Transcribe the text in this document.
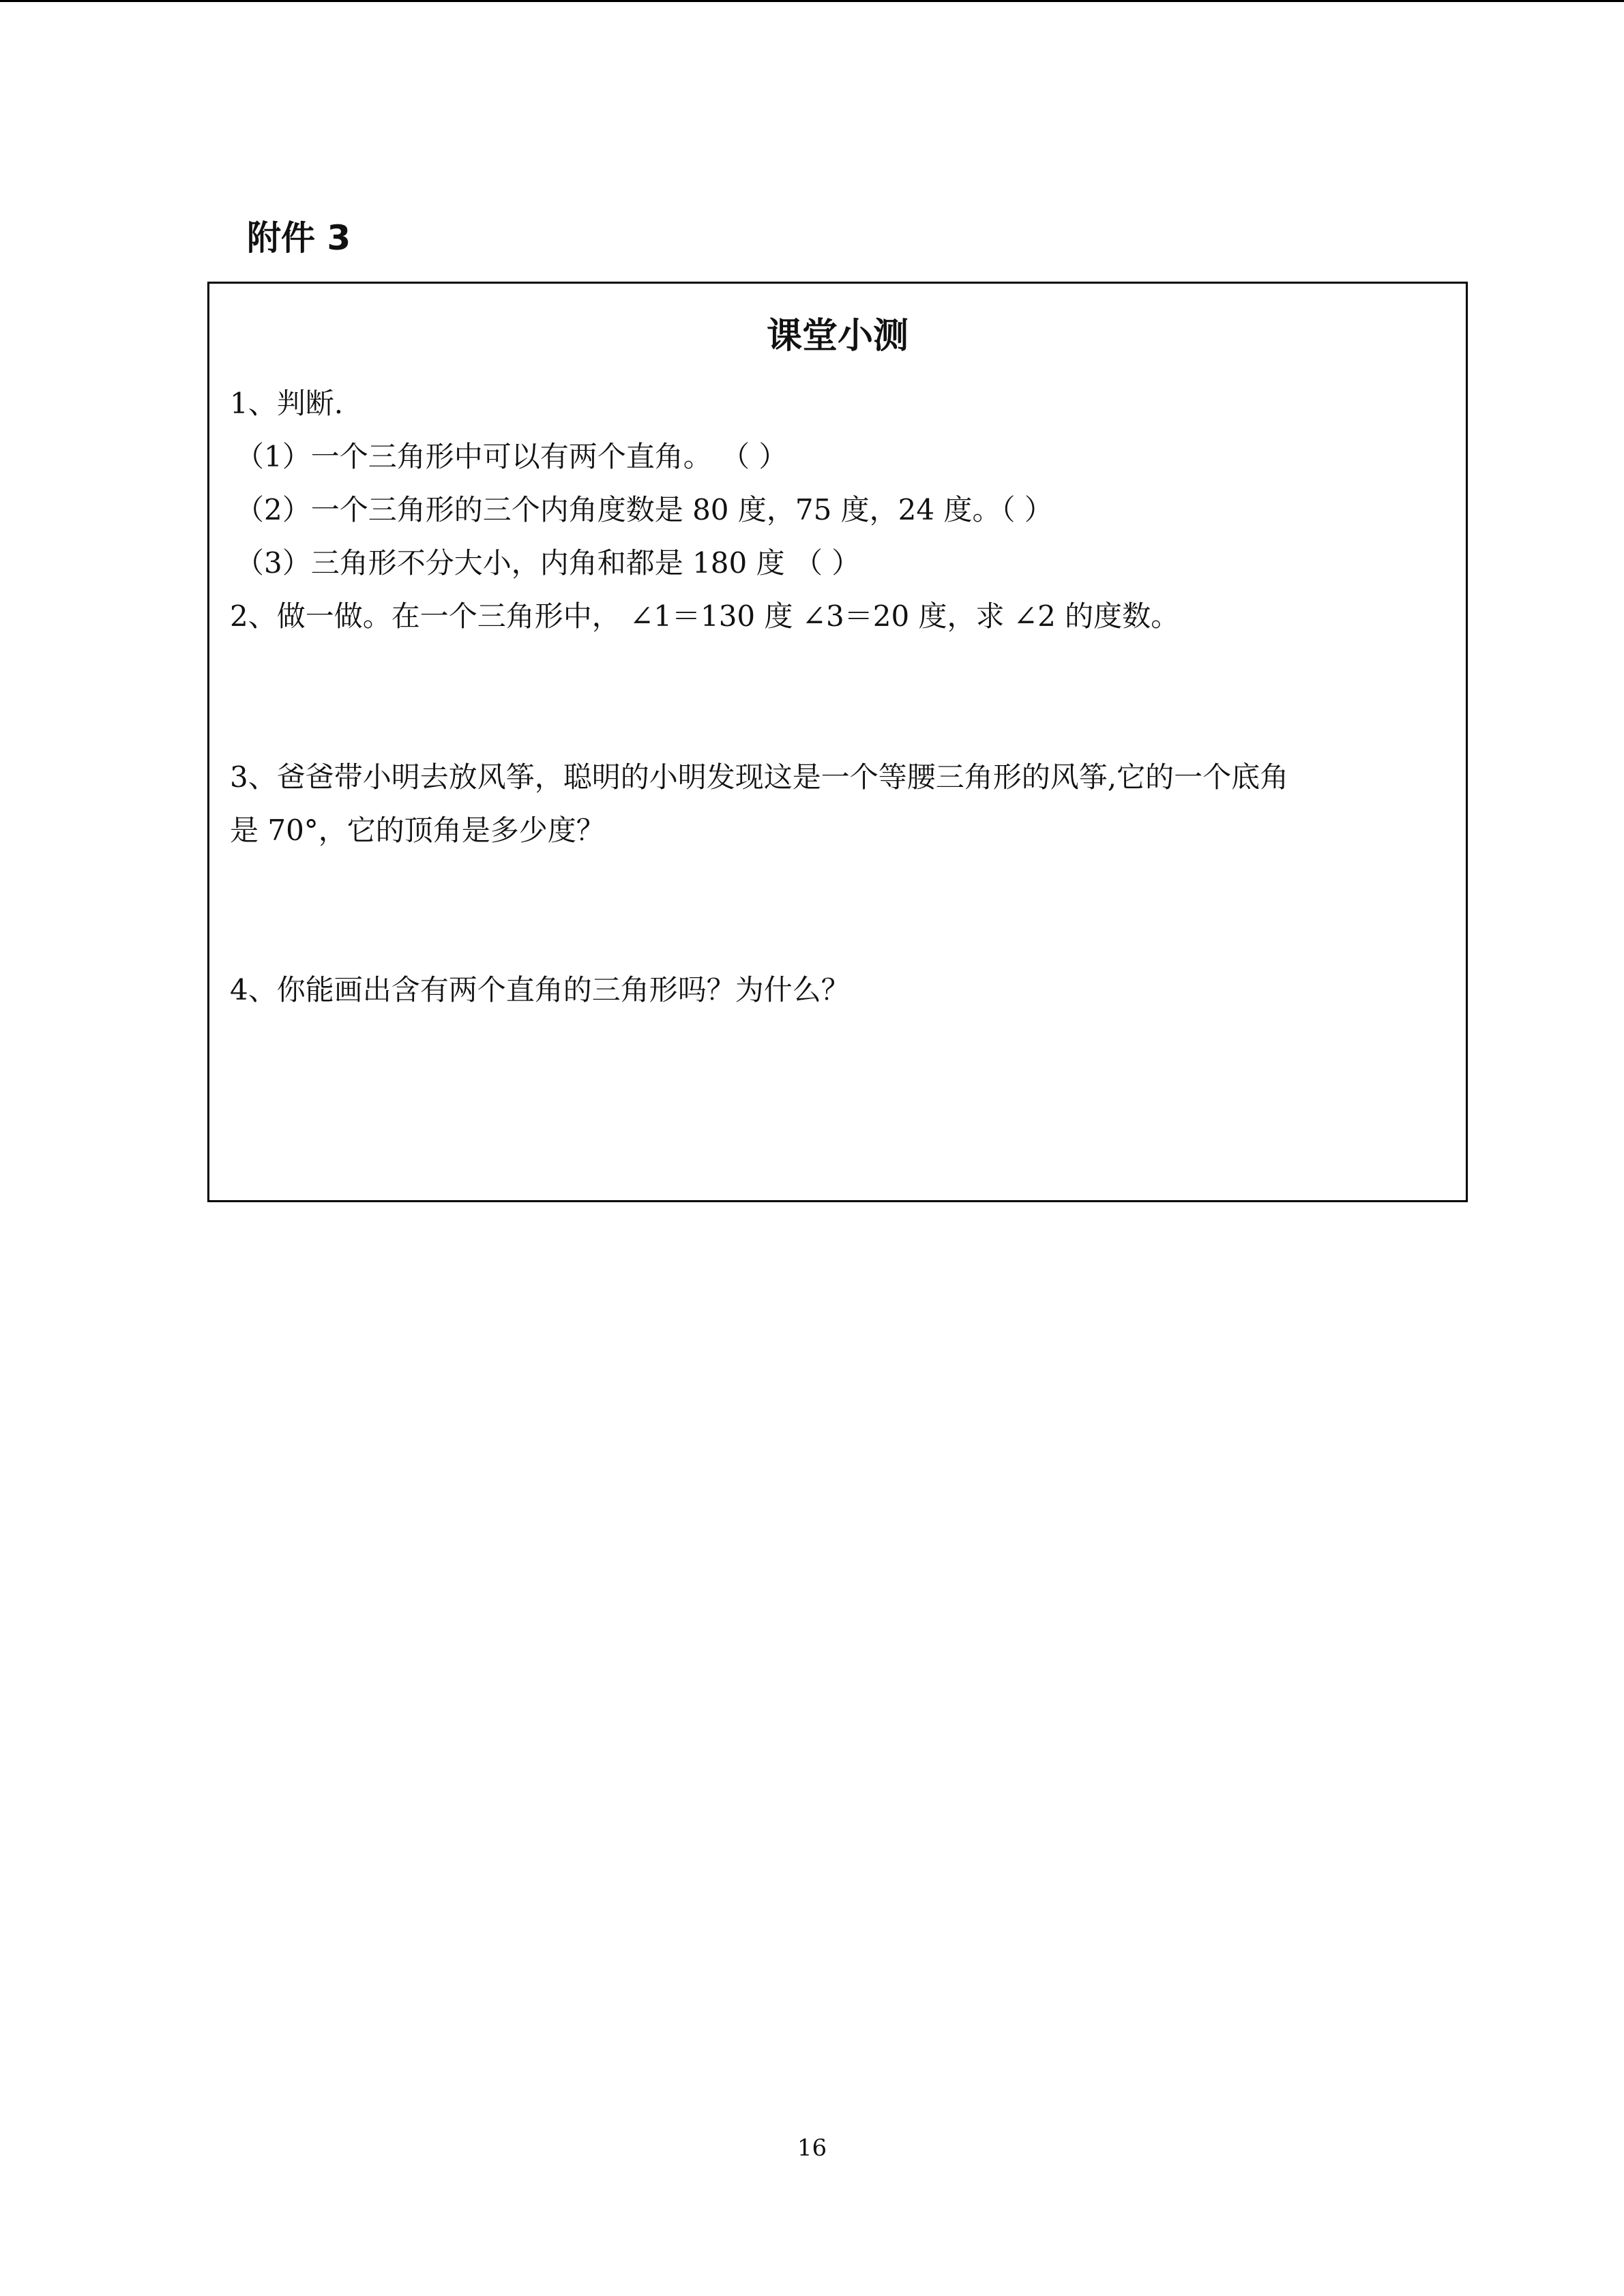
附件 3
课堂小测
1、判断.
（1）一个三角形中可以有两个直角。 （ ）
（2）一个三角形的三个内角度数是 80 度，75 度，24 度。（ ）
（3）三角形不分大小，内角和都是 180 度 （ ）
2、做一做。在一个三角形中， ∠1＝130 度 ∠3＝20 度，求 ∠2 的度数。
3、爸爸带小明去放风筝，聪明的小明发现这是一个等腰三角形的风筝,它的一个底角
是 70°，它的顶角是多少度？
4、你能画出含有两个直角的三角形吗？为什么？
16
